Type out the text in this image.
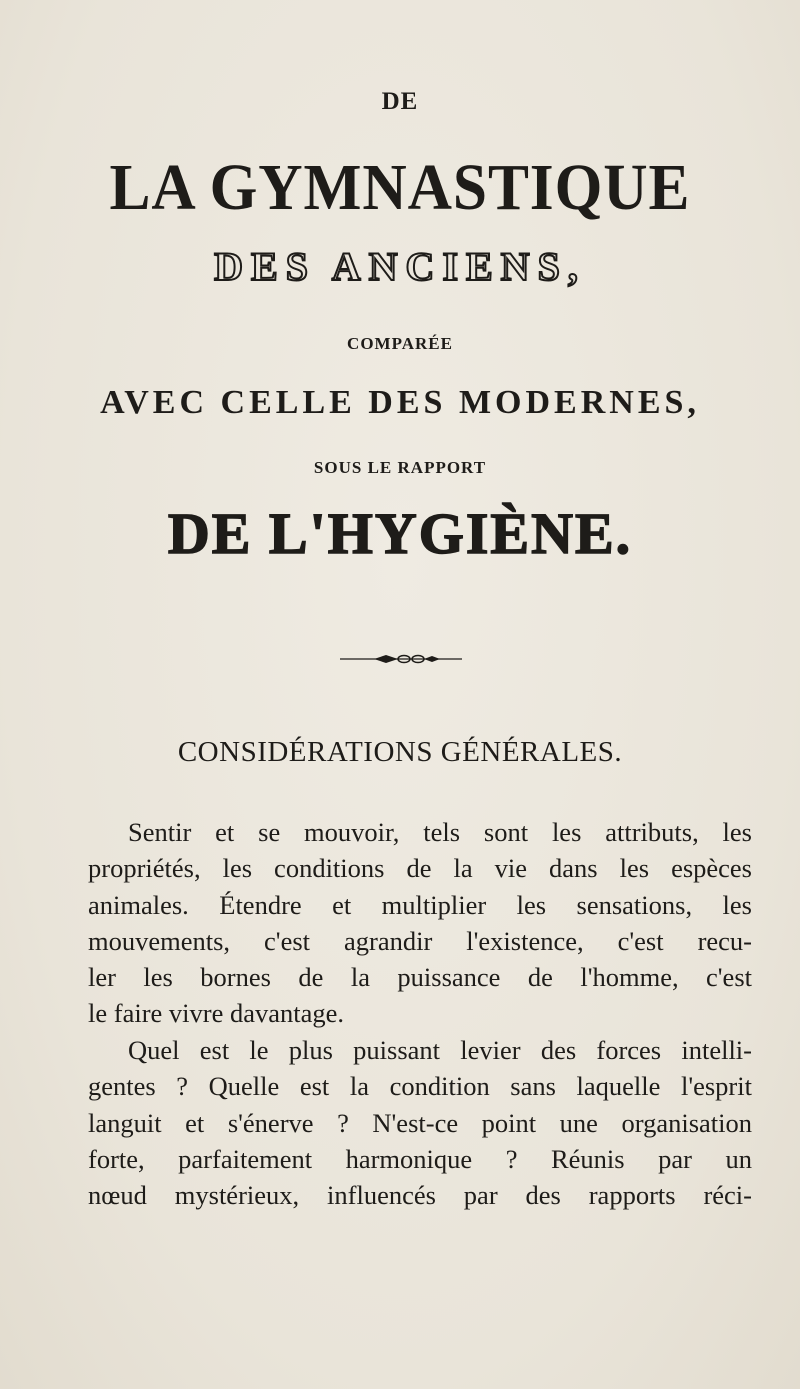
DE
LA GYMNASTIQUE
DES ANCIENS,
COMPARÉE
AVEC CELLE DES MODERNES,
SOUS LE RAPPORT
DE L'HYGIÈNE.
CONSIDÉRATIONS GÉNÉRALES.
Sentir et se mouvoir, tels sont les attributs, les
propriétés, les conditions de la vie dans les espèces
animales. Étendre et multiplier les sensations, les
mouvements, c'est agrandir l'existence, c'est recu-
ler les bornes de la puissance de l'homme, c'est
le faire vivre davantage.
Quel est le plus puissant levier des forces intelli-
gentes ? Quelle est la condition sans laquelle l'esprit
languit et s'énerve ? N'est-ce point une organisation
forte, parfaitement harmonique ? Réunis par un
nœud mystérieux, influencés par des rapports réci-
